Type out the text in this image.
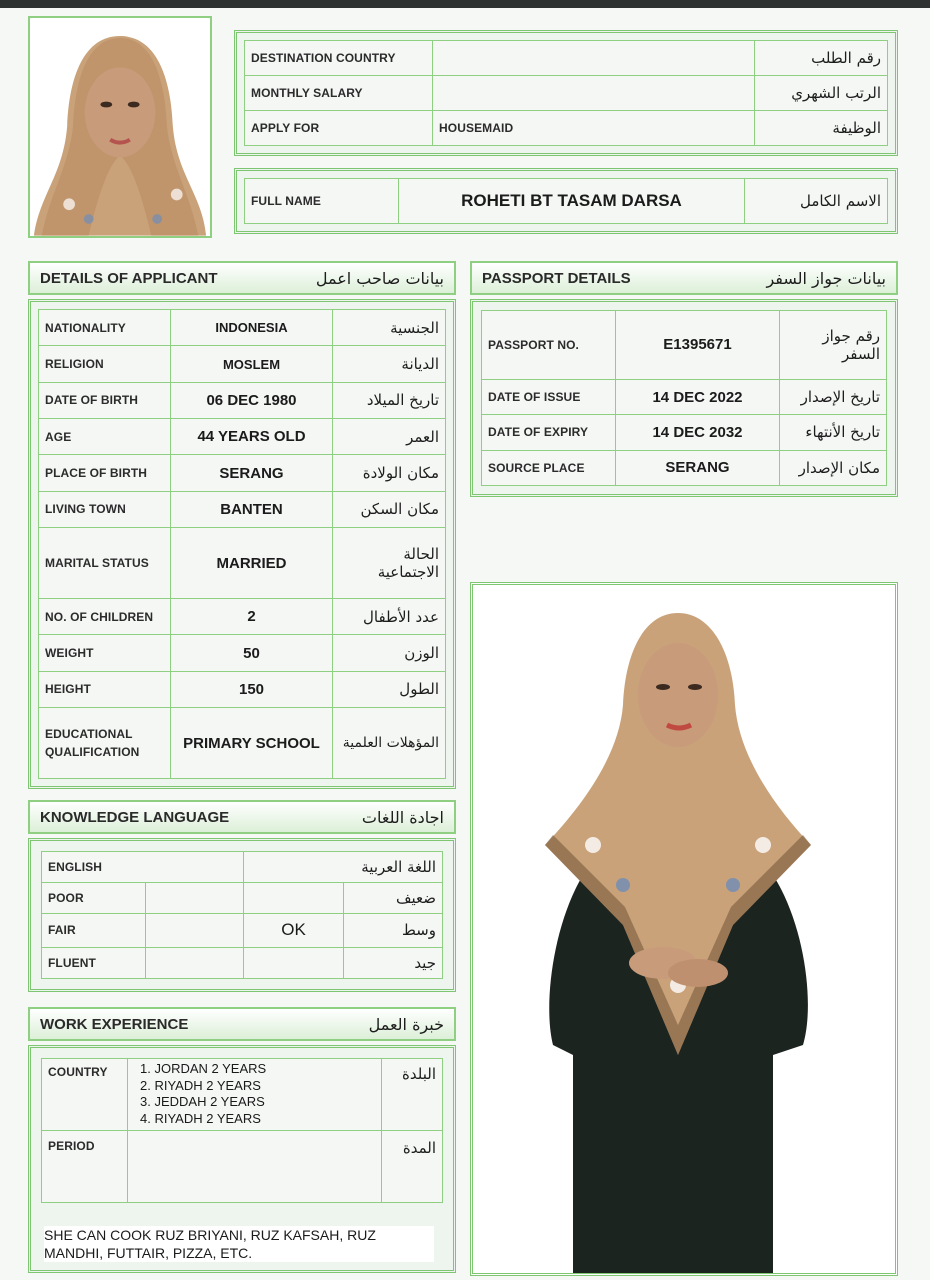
DESTINATION COUNTRY		رقم الطلب
MONTHLY SALARY		الرتب الشهري
APPLY FOR	HOUSEMAID	الوظيفة
FULL NAME	ROHETI BT TASAM DARSA	الاسم الكامل
DETAILS OF APPLICANT	بيانات صاحب اعمل
NATIONALITY	INDONESIA	الجنسية
RELIGION	MOSLEM	الديانة
DATE OF BIRTH	06 DEC 1980	تاريخ الميلاد
AGE	44 YEARS OLD	العمر
PLACE OF BIRTH	SERANG	مكان الولادة
LIVING TOWN	BANTEN	مكان السكن
MARITAL STATUS	MARRIED	الحالة الاجتماعية
NO. OF CHILDREN	2	عدد الأطفال
WEIGHT	50	الوزن
HEIGHT	150	الطول
EDUCATIONAL QUALIFICATION	PRIMARY SCHOOL	المؤهلات العلمية
PASSPORT DETAILS	بيانات جواز السفر
PASSPORT NO.	E1395671	رقم جواز السفر
DATE OF ISSUE	14 DEC 2022	تاريخ الإصدار
DATE OF EXPIRY	14 DEC 2032	تاريخ الأنتهاء
SOURCE PLACE	SERANG	مكان الإصدار
KNOWLEDGE LANGUAGE	اجادة اللغات
ENGLISH		اللغة العربية	
POOR			ضعيف
FAIR		OK	وسط
FLUENT			جيد
WORK EXPERIENCE	خبرة العمل
COUNTRY	1. JORDAN 2 YEARS
2. RIYADH 2 YEARS
3. JEDDAH 2 YEARS
4. RIYADH 2 YEARS	البلدة
PERIOD		المدة
SHE CAN COOK RUZ BRIYANI, RUZ KAFSAH, RUZ MANDHI, FUTTAIR, PIZZA, ETC.
